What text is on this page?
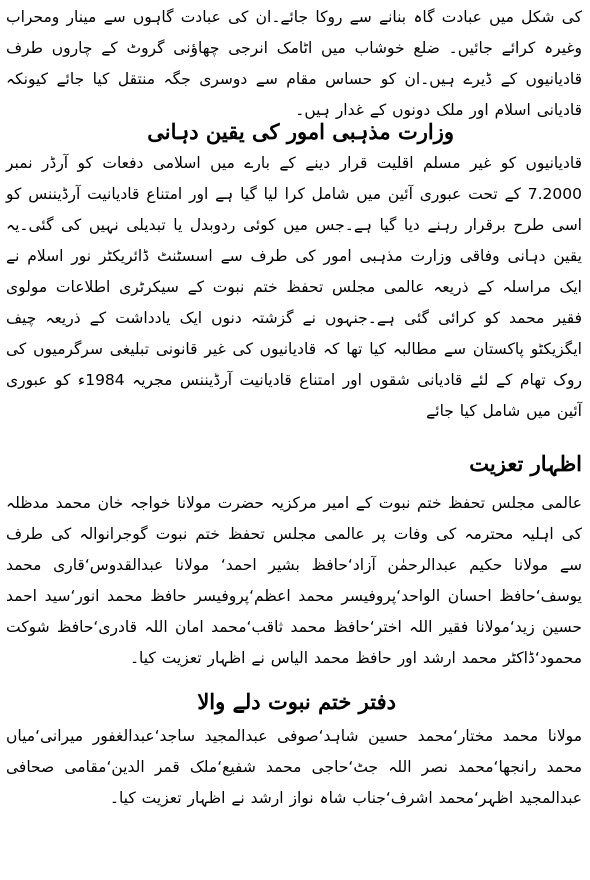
کی شکل میں عبادت گاہ بنانے سے روکا جائے۔ان کی عبادت گاہوں سے مینار ومحراب وغیرہ کرائے جائیں۔ ضلع خوشاب میں اٹامک انرجی چھاؤنی گروٹ کے چاروں طرف قادیانیوں کے ڈیرے ہیں۔ان کو حساس مقام سے دوسری جگہ منتقل کیا جائے کیونکہ قادیانی اسلام اور ملک دونوں کے غدار ہیں۔

وزارت مذہبی امور کی یقین دہانی

قادیانیوں کو غیر مسلم اقلیت قرار دینے کے بارے میں اسلامی دفعات کو آرڈر نمبر 7.2000 کے تحت عبوری آئین میں شامل کرا لیا گیا ہے اور امتناع قادیانیت آرڈیننس کو اسی طرح برقرار رہنے دیا گیا ہے۔جس میں کوئی ردوبدل یا تبدیلی نہیں کی گئی۔یہ یقین دہانی وفاقی وزارت مذہبی امور کی طرف سے اسسٹنٹ ڈائریکٹر نور اسلام نے ایک مراسلہ کے ذریعہ عالمی مجلس تحفظ ختم نبوت کے سیکرٹری اطلاعات مولوی فقیر محمد کو کرائی گئی ہے۔جنہوں نے گزشتہ دنوں ایک یادداشت کے ذریعہ چیف ایگزیکٹو پاکستان سے مطالبہ کیا تھا کہ قادیانیوں کی غیر قانونی تبلیغی سرگرمیوں کی روک تھام کے لئے قادیانی شقوں اور امتناع قادیانیت آرڈیننس مجریہ 1984ء کو عبوری آئین میں شامل کیا جائے

اظہار تعزیت

عالمی مجلس تحفظ ختم نبوت کے امیر مرکزیہ حضرت مولانا خواجہ خان محمد مدظلہ کی اہلیہ محترمہ کی وفات پر عالمی مجلس تحفظ ختم نبوت گوجرانوالہ کی طرف سے مولانا حکیم عبدالرحمٰن آزاد‘حافظ بشیر احمد‘ مولانا عبدالقدوس‘قاری محمد یوسف‘حافظ احسان الواحد‘پروفیسر محمد اعظم‘پروفیسر حافظ محمد انور‘سید احمد حسین زید‘مولانا فقیر اللہ اختر‘حافظ محمد ثاقب‘محمد امان اللہ قادری‘حافظ شوکت محمود‘ڈاکٹر محمد ارشد اور حافظ محمد الیاس نے اظہار تعزیت کیا۔

دفتر ختم نبوت دلے والا

مولانا محمد مختار‘محمد حسین شاہد‘صوفی عبدالمجید ساجد‘عبدالغفور میرانی‘میاں محمد رانجھا‘محمد نصر اللہ جٹ‘حاجی محمد شفیع‘ملک قمر الدین‘مقامی صحافی عبدالمجید اظہر‘محمد اشرف‘جناب شاہ نواز ارشد نے اظہار تعزیت کیا۔
